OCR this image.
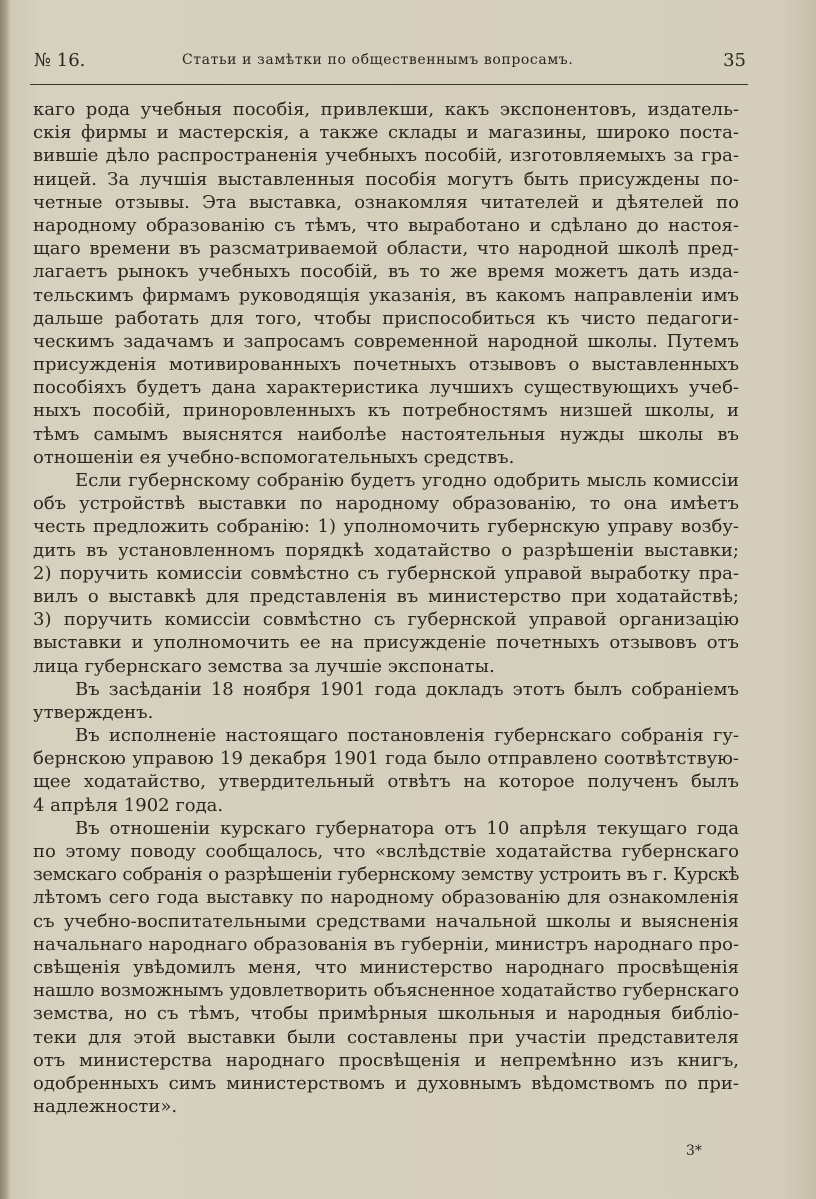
№ 16.	Статьи и замѣтки по общественнымъ вопросамъ.	35
каго рода учебныя пособія, привлекши, какъ экспонентовъ, издатель-
скія фирмы и мастерскія, а также склады и магазины, широко поста-
вившіе дѣло распространенія учебныхъ пособій, изготовляемыхъ за гра-
ницей. За лучшія выставленныя пособія могутъ быть присуждены по-
четные отзывы. Эта выставка, ознакомляя читателей и дѣятелей по
народному образованію съ тѣмъ, что выработано и сдѣлано до настоя-
щаго времени въ разсматриваемой области, что народной школѣ пред-
лагаетъ рынокъ учебныхъ пособій, въ то же время можетъ дать изда-
тельскимъ фирмамъ руководящія указанія, въ какомъ направленіи имъ
дальше работать для того, чтобы приспособиться къ чисто педагоги-
ческимъ задачамъ и запросамъ современной народной школы. Путемъ
присужденія мотивированныхъ почетныхъ отзывовъ о выставленныхъ
пособіяхъ будетъ дана характеристика лучшихъ существующихъ учеб-
ныхъ пособій, приноровленныхъ къ потребностямъ низшей школы, и
тѣмъ самымъ выяснятся наиболѣе настоятельныя нужды школы въ
отношеніи ея учебно-вспомогательныхъ средствъ.
Если губернскому собранію будетъ угодно одобрить мысль комиссіи
объ устройствѣ выставки по народному образованію, то она имѣетъ
честь предложить собранію: 1) уполномочить губернскую управу возбу-
дить въ установленномъ порядкѣ ходатайство о разрѣшеніи выставки;
2) поручить комиссіи совмѣстно съ губернской управой выработку пра-
вилъ о выставкѣ для представленія въ министерство при ходатайствѣ;
3) поручить комиссіи совмѣстно съ губернской управой организацію
выставки и уполномочить ее на присужденіе почетныхъ отзывовъ отъ
лица губернскаго земства за лучшіе экспонаты.
Въ засѣданіи 18 ноября 1901 года докладъ этотъ былъ собраніемъ
утвержденъ.
Въ исполненіе настоящаго постановленія губернскаго собранія гу-
бернскою управою 19 декабря 1901 года было отправлено соотвѣтствую-
щее ходатайство, утвердительный отвѣтъ на которое полученъ былъ
4 апрѣля 1902 года.
Въ отношеніи курскаго губернатора отъ 10 апрѣля текущаго года
по этому поводу сообщалось, что «вслѣдствіе ходатайства губернскаго
земскаго собранія о разрѣшеніи губернскому земству устроить въ г. Курскѣ
лѣтомъ сего года выставку по народному образованію для ознакомленія
съ учебно-воспитательными средствами начальной школы и выясненія
начальнаго народнаго образованія въ губерніи, министръ народнаго про-
свѣщенія увѣдомилъ меня, что министерство народнаго просвѣщенія
нашло возможнымъ удовлетворить объясненное ходатайство губернскаго
земства, но съ тѣмъ, чтобы примѣрныя школьныя и народныя библіо-
теки для этой выставки были составлены при участіи представителя
отъ министерства народнаго просвѣщенія и непремѣнно изъ книгъ,
одобренныхъ симъ министерствомъ и духовнымъ вѣдомствомъ по при-
надлежности».
3*
